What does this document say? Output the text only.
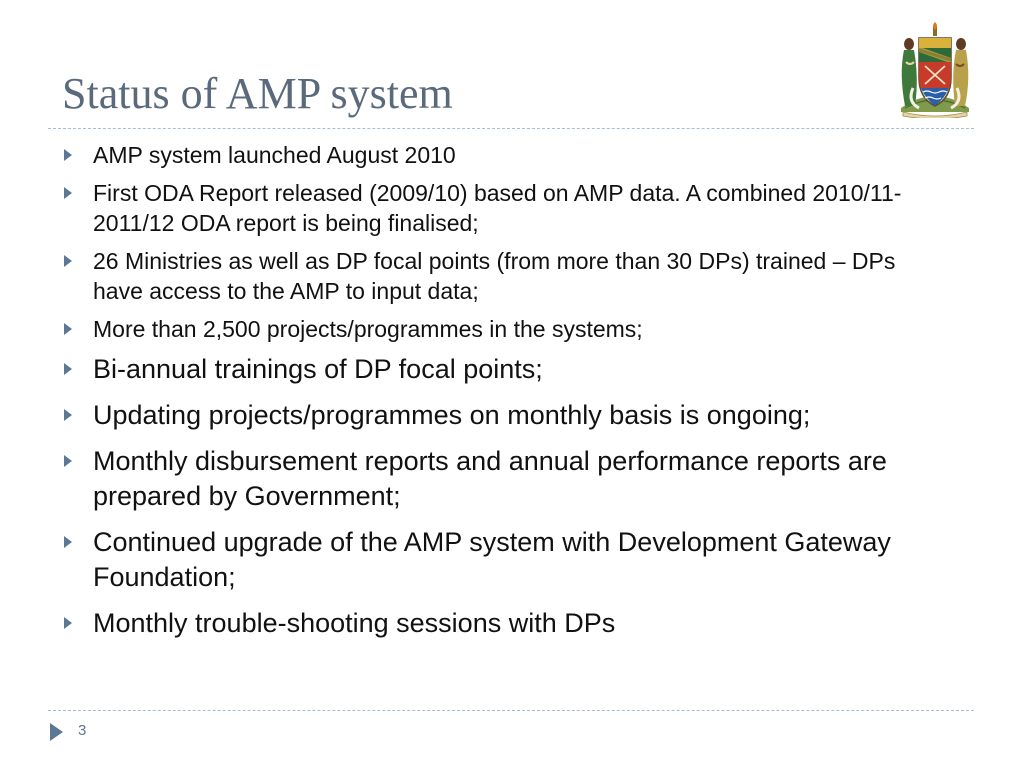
Status of AMP system
AMP system launched August 2010
First ODA Report released (2009/10) based on AMP data. A combined 2010/11-2011/12 ODA report is being finalised;
26 Ministries as well as DP focal points (from more than 30 DPs) trained – DPs have access to the AMP to input data;
More than 2,500 projects/programmes in the systems;
Bi-annual trainings of DP focal points;
Updating projects/programmes on monthly basis is ongoing;
Monthly disbursement reports and annual performance reports are prepared by Government;
Continued upgrade of the AMP system with Development Gateway Foundation;
Monthly trouble-shooting sessions with DPs
3
